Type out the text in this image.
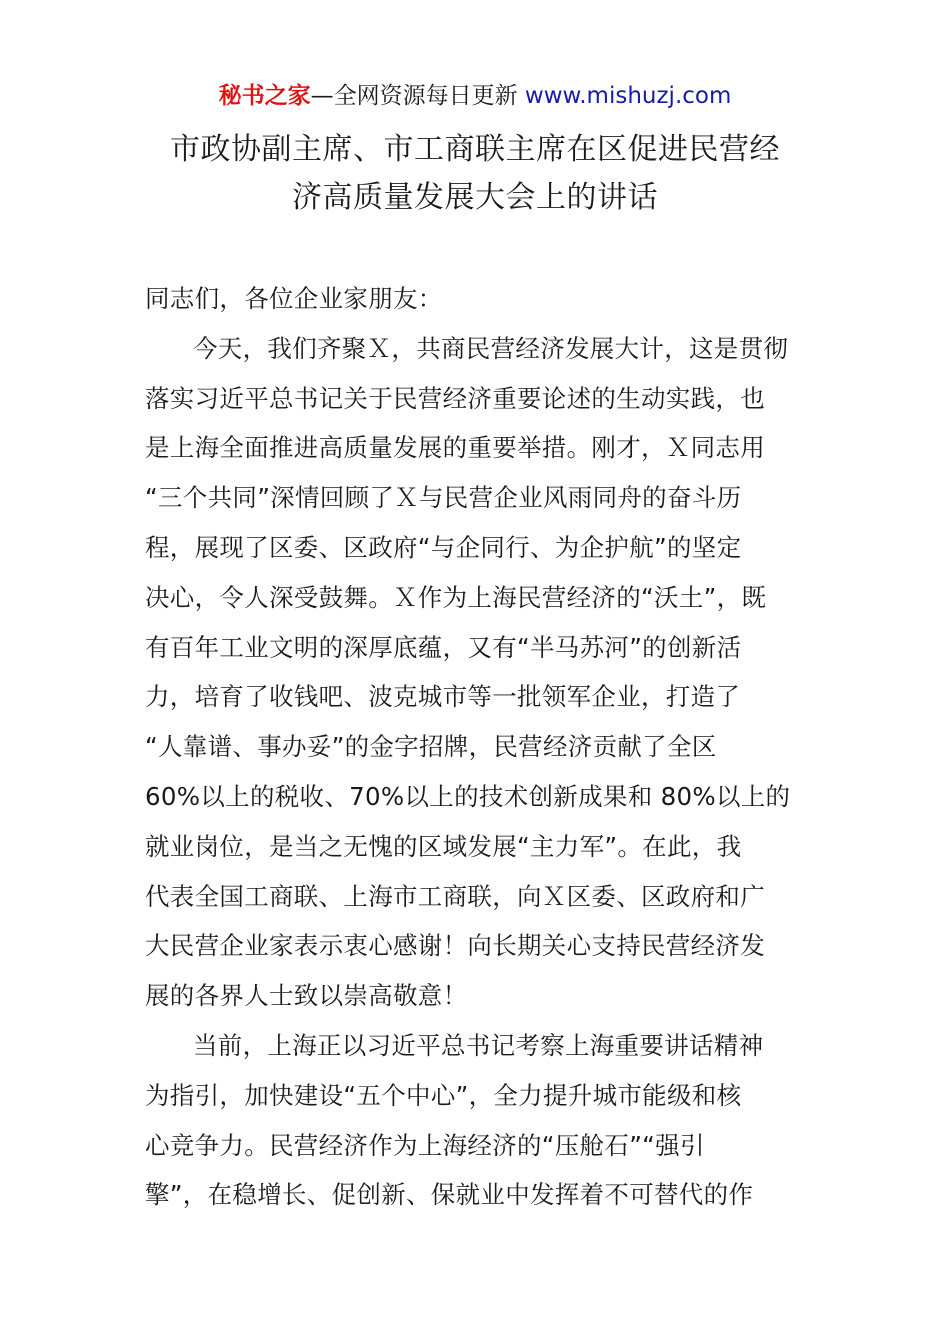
秘书之家—全网资源每日更新 www.mishuzj.com
市政协副主席、市工商联主席在区促进民营经
济高质量发展大会上的讲话
同志们，各位企业家朋友：
今天，我们齐聚Ｘ，共商民营经济发展大计，这是贯彻
落实习近平总书记关于民营经济重要论述的生动实践，也
是上海全面推进高质量发展的重要举措。刚才，Ｘ同志用
“三个共同”深情回顾了Ｘ与民营企业风雨同舟的奋斗历
程，展现了区委、区政府“与企同行、为企护航”的坚定
决心，令人深受鼓舞。Ｘ作为上海民营经济的“沃土”，既
有百年工业文明的深厚底蕴，又有“半马苏河”的创新活
力，培育了收钱吧、波克城市等一批领军企业，打造了
“人靠谱、事办妥”的金字招牌，民营经济贡献了全区
60%以上的税收、70%以上的技术创新成果和 80%以上的
就业岗位，是当之无愧的区域发展“主力军”。在此，我
代表全国工商联、上海市工商联，向Ｘ区委、区政府和广
大民营企业家表示衷心感谢！向长期关心支持民营经济发
展的各界人士致以崇高敬意！
当前，上海正以习近平总书记考察上海重要讲话精神
为指引，加快建设“五个中心”，全力提升城市能级和核
心竞争力。民营经济作为上海经济的“压舱石”“强引
擎”，在稳增长、促创新、保就业中发挥着不可替代的作
